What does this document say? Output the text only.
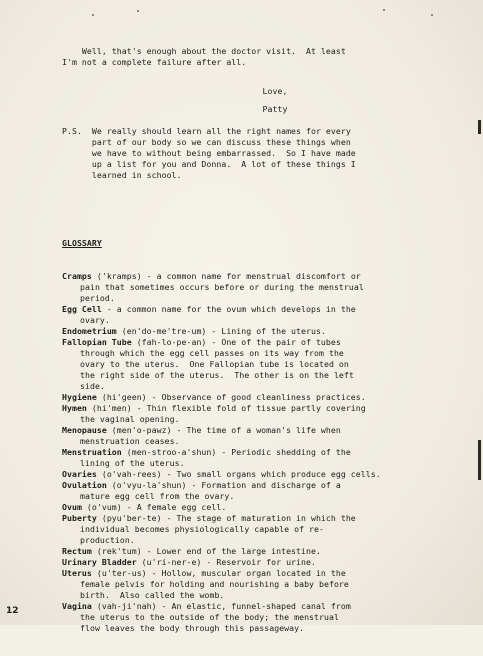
Well, that's enough about the doctor visit.  At least
I'm not a complete failure after all.
Love,
Patty
P.S.  We really should learn all the right names for every
part of our body so we can discuss these things when
we have to without being embarrassed.  So I have made
up a list for you and Donna.  A lot of these things I
learned in school.

GLOSSARY

Cramps ('kramps) - a common name for menstrual discomfort or
pain that sometimes occurs before or during the menstrual
period.
Egg Cell - a common name for the ovum which develops in the
ovary.
Endometrium (en'do-me'tre-um) - Lining of the uterus.
Fallopian Tube (fah-lo-pe-an) - One of the pair of tubes
through which the egg cell passes on its way from the
ovary to the uterus.  One Fallopian tube is located on
the right side of the uterus.  The other is on the left
side.
Hygiene (hi'geen) - Observance of good cleanliness practices.
Hymen (hi'men) - Thin flexible fold of tissue partly covering
the vaginal opening.
Menopause (men'o-pawz) - The time of a woman's life when
menstruation ceases.
Menstruation (men-stroo-a'shun) - Periodic shedding of the
lining of the uterus.
Ovaries (o'vah-rees) - Two small organs which produce egg cells.
Ovulation (o'vyu-la'shun) - Formation and discharge of a
mature egg cell from the ovary.
Ovum (o'vum) - A female egg cell.
Puberty (pyu'ber-te) - The stage of maturation in which the
individual becomes physiologically capable of re-
production.
Rectum (rek'tum) - Lower end of the large intestine.
Urinary Bladder (u'ri-ner-e) - Reservoir for urine.
Uterus (u'ter-us) - Hollow, muscular organ located in the
female pelvis for holding and nourishing a baby before
birth.  Also called the womb.
Vagina (vah-ji'nah) - An elastic, funnel-shaped canal from
the uterus to the outside of the body; the menstrual
flow leaves the body through this passageway.

12
